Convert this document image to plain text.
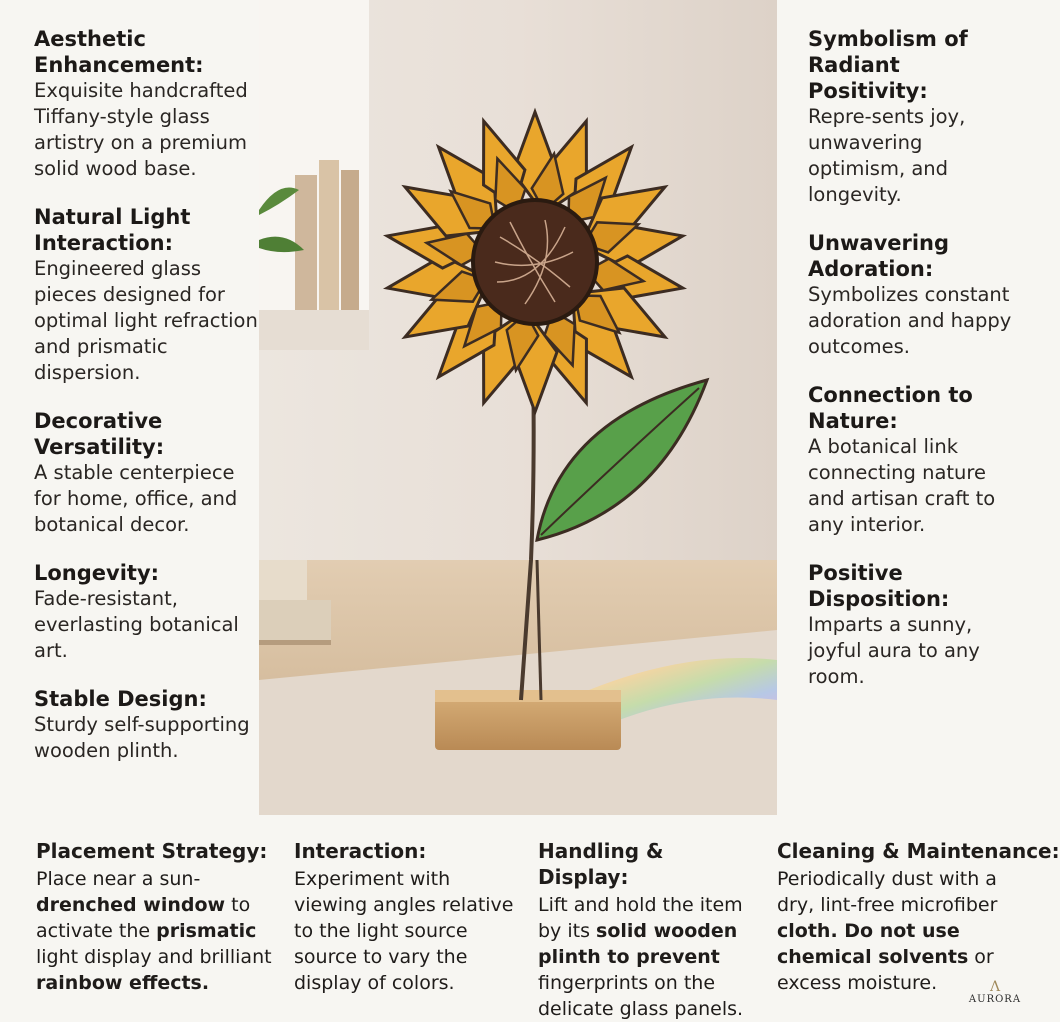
Aesthetic Enhancement:

Exquisite handcrafted Tiffany-style glass artistry on a premium solid wood base.

Natural Light Interaction:

Engineered glass pieces designed for optimal light refraction and prismatic dispersion.

Decorative Versatility:

A stable centerpiece for home, office, and botanical decor.

Longevity:

Fade-resistant, everlasting botanical art.

Stable Design:

Sturdy self-supporting wooden plinth.

Symbolism of Radiant Positivity:

Repre-sents joy, unwavering optimism, and longevity.

Unwavering Adoration:

Symbolizes constant adoration and happy outcomes.

Connection to Nature:

A botanical link connecting nature and artisan craft to any interior.

Positive Disposition:

Imparts a sunny, joyful aura to any room.

Placement Strategy:

Place near a sun-drenched window to activate the prismatic light display and brilliant rainbow effects.

Interaction:

Experiment with viewing angles relative to the light source source to vary the display of colors.

Handling & Display:

Lift and hold the item by its solid wooden plinth to prevent fingerprints on the delicate glass panels.

Cleaning & Maintenance:

Periodically dust with a dry, lint-free microfiber cloth. Do not use chemical solvents or excess moisture.	Λ
AURORA
